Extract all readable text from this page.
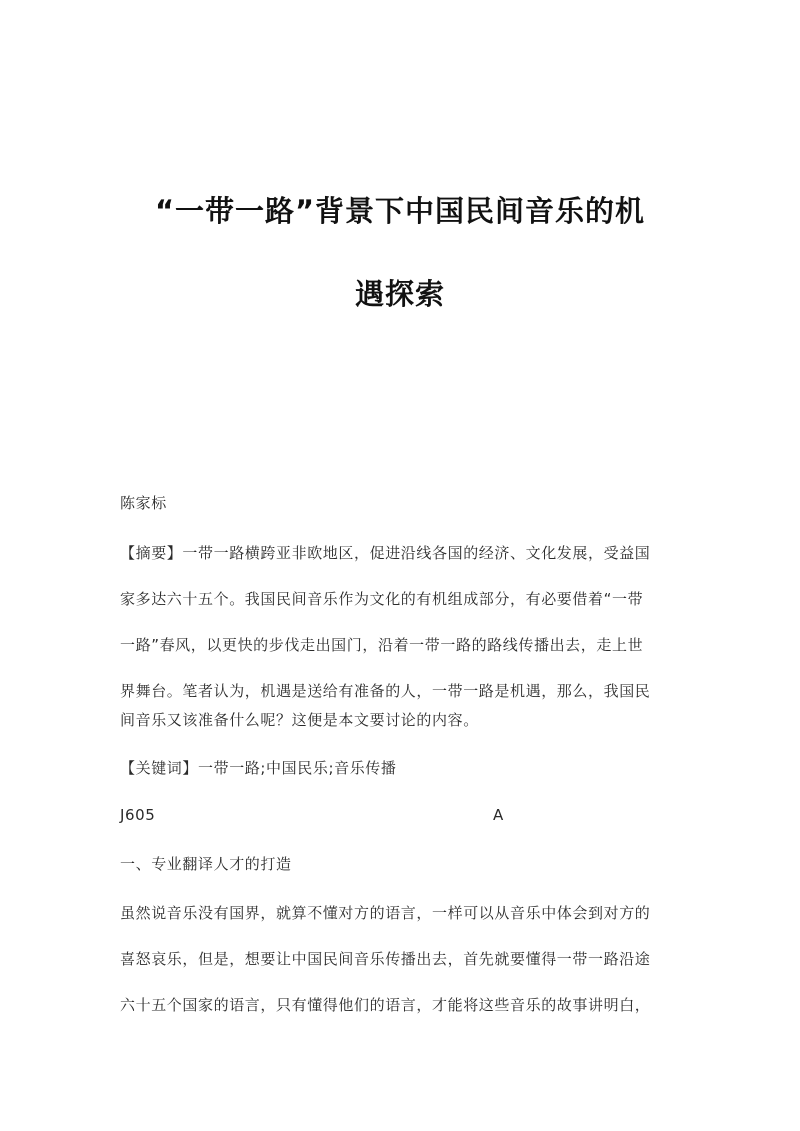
“一带一路”背景下中国民间音乐的机
遇探索
陈家标
【摘要】一带一路横跨亚非欧地区，促进沿线各国的经济、文化发展，受益国
家多达六十五个。我国民间音乐作为文化的有机组成部分，有必要借着“一带
一路”春风，以更快的步伐走出国门，沿着一带一路的路线传播出去，走上世
界舞台。笔者认为，机遇是送给有准备的人，一带一路是机遇，那么，我国民
间音乐又该准备什么呢？这便是本文要讨论的内容。
【关键词】一带一路;中国民乐;音乐传播
J605	A
一、专业翻译人才的打造
虽然说音乐没有国界，就算不懂对方的语言，一样可以从音乐中体会到对方的
喜怒哀乐，但是，想要让中国民间音乐传播出去，首先就要懂得一带一路沿途
六十五个国家的语言，只有懂得他们的语言，才能将这些音乐的故事讲明白，
